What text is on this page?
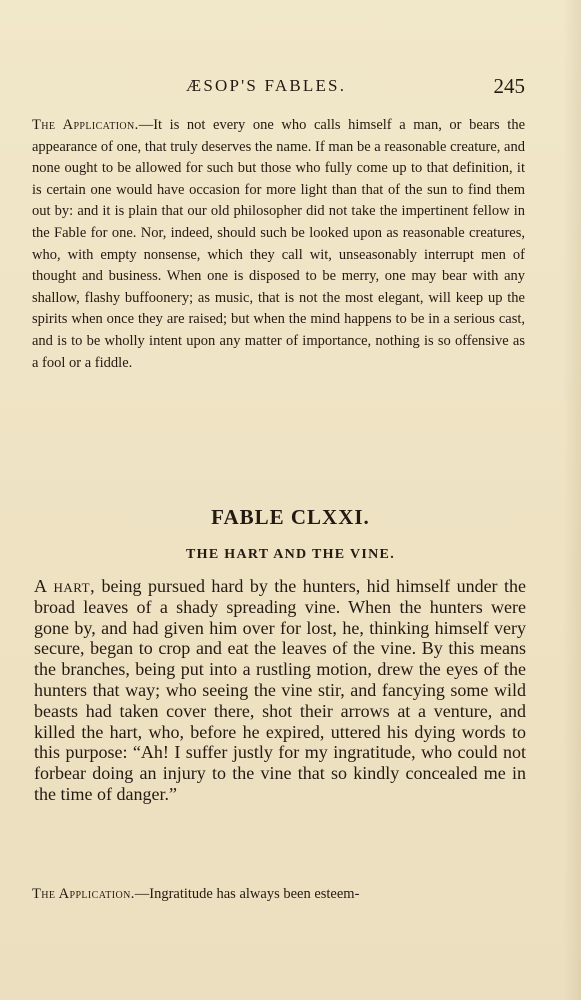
ÆSOP'S FABLES.	245

The Application.—It is not every one who calls himself a man, or bears the appearance of one, that truly deserves the name. If man be a reasonable creature, and none ought to be allowed for such but those who fully come up to that definition, it is certain one would have occasion for more light than that of the sun to find them out by: and it is plain that our old philosopher did not take the impertinent fellow in the Fable for one. Nor, indeed, should such be looked upon as reasonable creatures, who, with empty nonsense, which they call wit, unseasonably interrupt men of thought and business. When one is disposed to be merry, one may bear with any shallow, flashy buffoonery; as music, that is not the most elegant, will keep up the spirits when once they are raised; but when the mind happens to be in a serious cast, and is to be wholly intent upon any matter of importance, nothing is so offensive as a fool or a fiddle.

FABLE CLXXI.
THE HART AND THE VINE.

A hart, being pursued hard by the hunters, hid himself under the broad leaves of a shady spreading vine. When the hunters were gone by, and had given him over for lost, he, thinking himself very secure, began to crop and eat the leaves of the vine. By this means the branches, being put into a rustling motion, drew the eyes of the hunters that way; who seeing the vine stir, and fancying some wild beasts had taken cover there, shot their arrows at a venture, and killed the hart, who, before he expired, uttered his dying words to this purpose: “Ah! I suffer justly for my ingratitude, who could not forbear doing an injury to the vine that so kindly concealed me in the time of danger.”

The Application.—Ingratitude has always been esteem-
